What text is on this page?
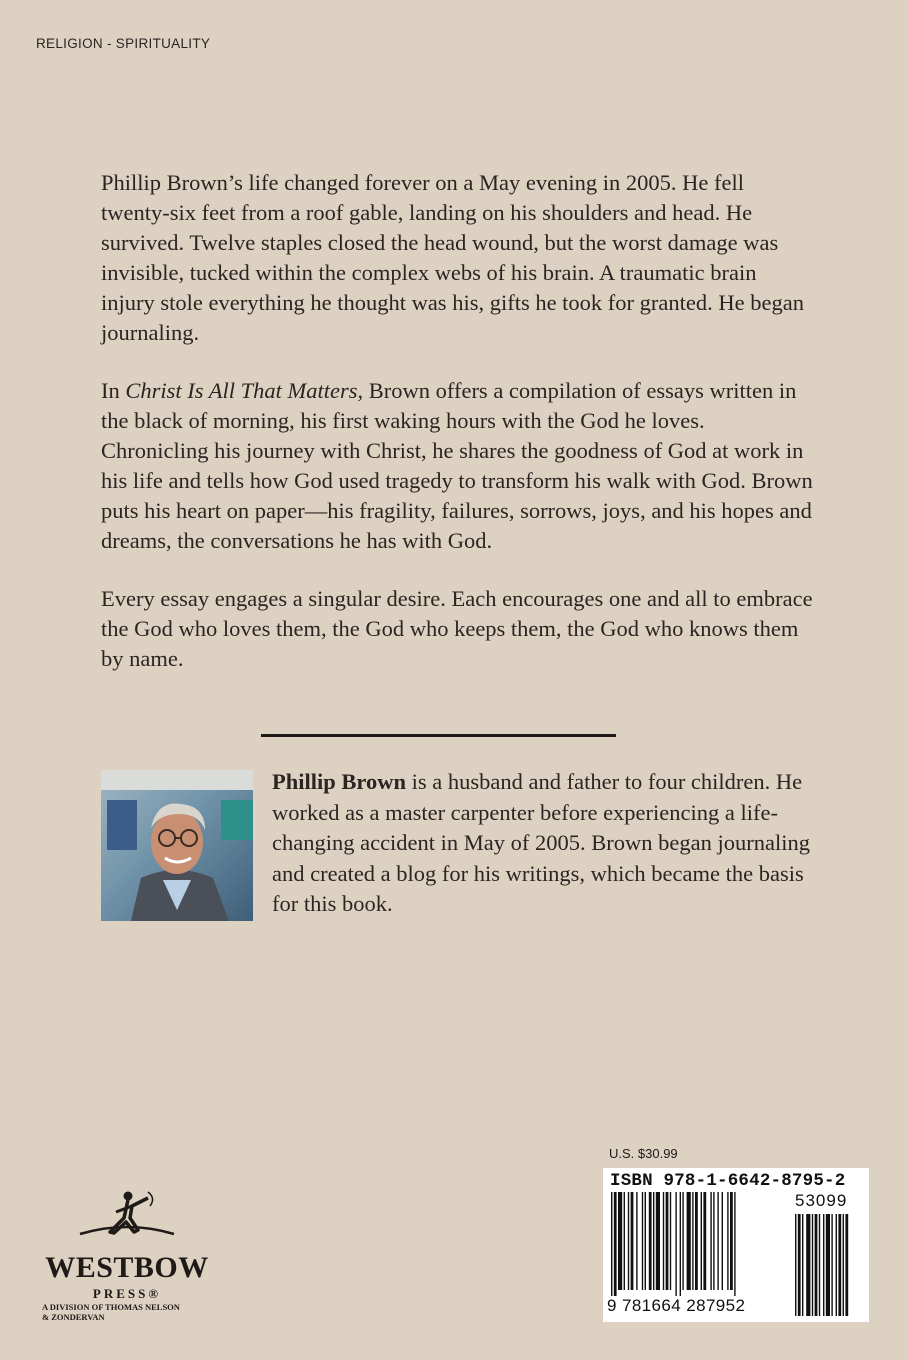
RELIGION - SPIRITUALITY

Phillip Brown’s life changed forever on a May evening in 2005. He fell twenty-six feet from a roof gable, landing on his shoulders and head. He survived. Twelve staples closed the head wound, but the worst damage was invisible, tucked within the complex webs of his brain. A traumatic brain injury stole everything he thought was his, gifts he took for granted. He began journaling.

In Christ Is All That Matters, Brown offers a compilation of essays written in the black of morning, his first waking hours with the God he loves. Chronicling his journey with Christ, he shares the goodness of God at work in his life and tells how God used tragedy to transform his walk with God. Brown puts his heart on paper—his fragility, failures, sorrows, joys, and his hopes and dreams, the conversations he has with God.

Every essay engages a singular desire. Each encourages one and all to embrace the God who loves them, the God who keeps them, the God who knows them by name.

Phillip Brown is a husband and father to four children. He worked as a master carpenter before experiencing a life-changing accident in May of 2005. Brown began journaling and created a blog for his writings, which became the basis for this book.
U.S. $30.99
ISBN 978-1-6642-8795-2
53099
9 781664 287952
WESTBOW
PRESS®
A DIVISION OF THOMAS NELSON
& ZONDERVAN
